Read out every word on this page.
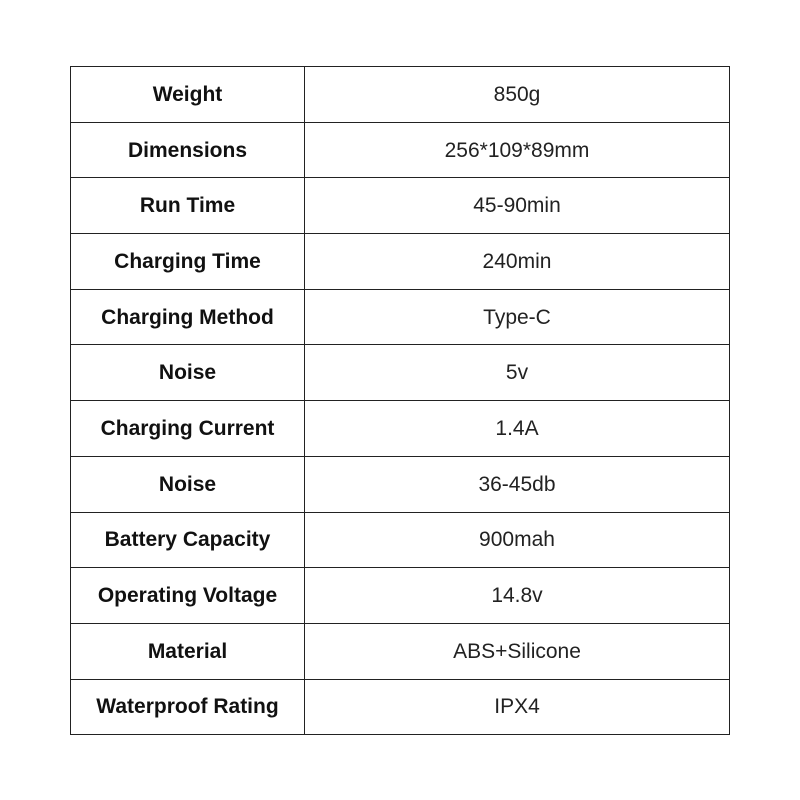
Weight	850g
Dimensions	256*109*89mm
Run Time	45-90min
Charging Time	240min
Charging Method	Type-C
Noise	5v
Charging Current	1.4A
Noise	36-45db
Battery Capacity	900mah
Operating Voltage	14.8v
Material	ABS+Silicone
Waterproof Rating	IPX4
